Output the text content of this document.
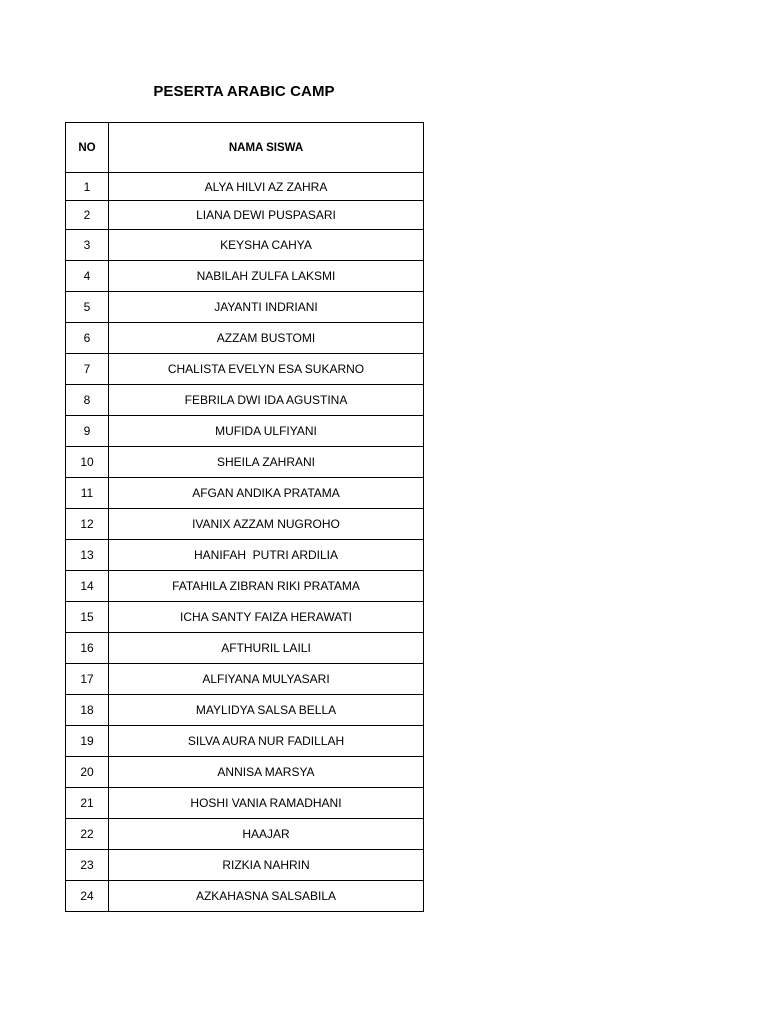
PESERTA ARABIC CAMP
NO	NAMA SISWA
1	ALYA HILVI AZ ZAHRA
2	LIANA DEWI PUSPASARI
3	KEYSHA CAHYA
4	NABILAH ZULFA LAKSMI
5	JAYANTI INDRIANI
6	AZZAM BUSTOMI
7	CHALISTA EVELYN ESA SUKARNO
8	FEBRILA DWI IDA AGUSTINA
9	MUFIDA ULFIYANI
10	SHEILA ZAHRANI
11	AFGAN ANDIKA PRATAMA
12	IVANIX AZZAM NUGROHO
13	HANIFAH  PUTRI ARDILIA
14	FATAHILA ZIBRAN RIKI PRATAMA
15	ICHA SANTY FAIZA HERAWATI
16	AFTHURIL LAILI
17	ALFIYANA MULYASARI
18	MAYLIDYA SALSA BELLA
19	SILVA AURA NUR FADILLAH
20	ANNISA MARSYA
21	HOSHI VANIA RAMADHANI
22	HAAJAR
23	RIZKIA NAHRIN
24	AZKAHASNA SALSABILA
